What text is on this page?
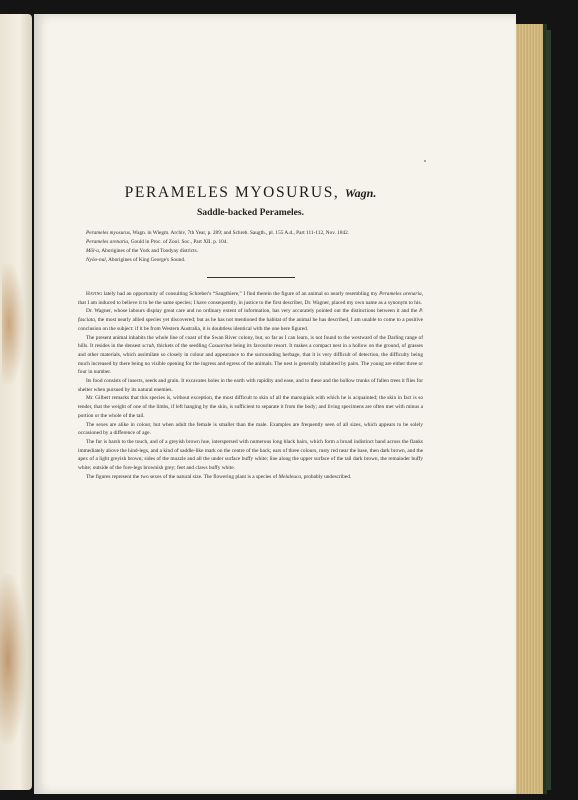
PERAMELES MYOSURUS, Wagn.
Saddle-backed Perameles.

Perameles myosurus, Wagn. in Wiegm. Archiv, 7th Year, p. 289; and Schreb. Saugth., pl. 155 A.d., Part 111-112, Nov. 1842.

Perameles arenaria, Gould in Proc. of Zool. Soc., Part XII. p. 104.

Mōl-a, Aborigines of the York and Toodyay districts.

Nyōo-nul, Aborigines of King George's Sound.

Having lately had an opportunity of consulting Schreber's “Saugthiere,” I find therein the figure of an animal so nearly resembling my Perameles arenaria, that I am induced to believe it to be the same species; I have consequently, in justice to the first describer, Dr. Wagner, placed my own name as a synonym to his.

Dr. Wagner, whose labours display great care and no ordinary extent of information, has very accurately pointed out the distinctions between it and the P. fasciata, the most nearly allied species yet discovered; but as he has not mentioned the habitat of the animal he has described, I am unable to come to a positive conclusion on the subject: if it be from Western Australia, it is doubtless identical with the one here figured.

The present animal inhabits the whole line of coast of the Swan River colony, but, so far as I can learn, is not found to the westward of the Darling range of hills. It resides in the densest scrub, thickets of the seedling Casuarinæ being its favourite resort. It makes a compact nest in a hollow on the ground, of grasses and other materials, which assimilate so closely in colour and appearance to the surrounding herbage, that it is very difficult of detection, the difficulty being much increased by there being no visible opening for the ingress and egress of the animals. The nest is generally inhabited by pairs. The young are either three or four in number.

Its food consists of insects, seeds and grain. It excavates holes in the earth with rapidity and ease, and to these and the hollow trunks of fallen trees it flies for shelter when pursued by its natural enemies.

Mr. Gilbert remarks that this species is, without exception, the most difficult to skin of all the marsupials with which he is acquainted; the skin in fact is so tender, that the weight of one of the limbs, if left hanging by the skin, is sufficient to separate it from the body; and living specimens are often met with minus a portion or the whole of the tail.

The sexes are alike in colour, but when adult the female is smaller than the male. Examples are frequently seen of all sizes, which appears to be solely occasioned by a difference of age.

The fur is harsh to the touch, and of a greyish brown hue, interspersed with numerous long black hairs, which form a broad indistinct band across the flanks immediately above the hind-legs, and a kind of saddle-like mark on the centre of the back; ears of three colours, rusty red near the base, then dark brown, and the apex of a light greyish brown; sides of the muzzle and all the under surface buffy white; line along the upper surface of the tail dark brown, the remainder buffy white; outside of the fore-legs brownish grey; feet and claws buffy white.

The figures represent the two sexes of the natural size. The flowering plant is a species of Melaleuca, probably undescribed.
